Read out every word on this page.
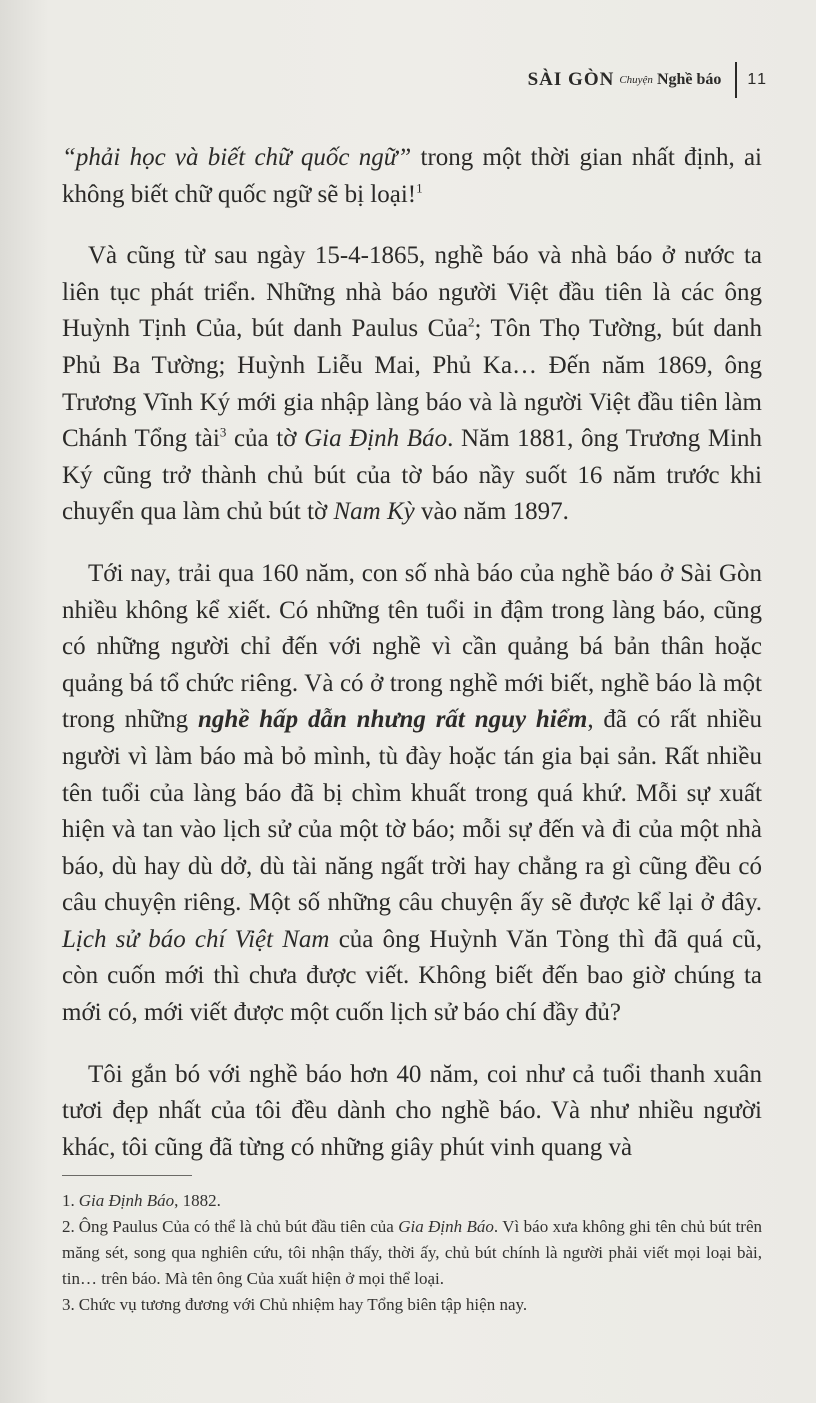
SÀI GÒN Chuyện Nghề báo 11

“phải học và biết chữ quốc ngữ” trong một thời gian nhất định, ai không biết chữ quốc ngữ sẽ bị loại!$^1$

Và cũng từ sau ngày 15-4-1865, nghề báo và nhà báo ở nước ta liên tục phát triển. Những nhà báo người Việt đầu tiên là các ông Huỳnh Tịnh Của, bút danh Paulus Của$^2$; Tôn Thọ Tường, bút danh Phủ Ba Tường; Huỳnh Liễu Mai, Phủ Ka… Đến năm 1869, ông Trương Vĩnh Ký mới gia nhập làng báo và là người Việt đầu tiên làm Chánh Tổng tài$^3$ của tờ Gia Định Báo. Năm 1881, ông Trương Minh Ký cũng trở thành chủ bút của tờ báo nầy suốt 16 năm trước khi chuyển qua làm chủ bút tờ Nam Kỳ vào năm 1897.

Tới nay, trải qua 160 năm, con số nhà báo của nghề báo ở Sài Gòn nhiều không kể xiết. Có những tên tuổi in đậm trong làng báo, cũng có những người chỉ đến với nghề vì cần quảng bá bản thân hoặc quảng bá tổ chức riêng. Và có ở trong nghề mới biết, nghề báo là một trong những nghề hấp dẫn nhưng rất nguy hiểm, đã có rất nhiều người vì làm báo mà bỏ mình, tù đày hoặc tán gia bại sản. Rất nhiều tên tuổi của làng báo đã bị chìm khuất trong quá khứ. Mỗi sự xuất hiện và tan vào lịch sử của một tờ báo; mỗi sự đến và đi của một nhà báo, dù hay dù dở, dù tài năng ngất trời hay chẳng ra gì cũng đều có câu chuyện riêng. Một số những câu chuyện ấy sẽ được kể lại ở đây. Lịch sử báo chí Việt Nam của ông Huỳnh Văn Tòng thì đã quá cũ, còn cuốn mới thì chưa được viết. Không biết đến bao giờ chúng ta mới có, mới viết được một cuốn lịch sử báo chí đầy đủ?

Tôi gắn bó với nghề báo hơn 40 năm, coi như cả tuổi thanh xuân tươi đẹp nhất của tôi đều dành cho nghề báo. Và như nhiều người khác, tôi cũng đã từng có những giây phút vinh quang và

1. Gia Định Báo, 1882.

2. Ông Paulus Của có thể là chủ bút đầu tiên của Gia Định Báo. Vì báo xưa không ghi tên chủ bút trên măng sét, song qua nghiên cứu, tôi nhận thấy, thời ấy, chủ bút chính là người phải viết mọi loại bài, tin… trên báo. Mà tên ông Của xuất hiện ở mọi thể loại.

3. Chức vụ tương đương với Chủ nhiệm hay Tổng biên tập hiện nay.
